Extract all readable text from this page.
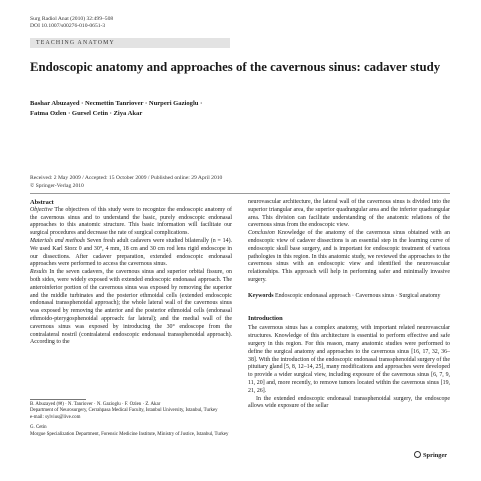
Surg Radiol Anat (2010) 32:499–508
DOI 10.1007/s00276-010-0651-3
TEACHING ANATOMY
Endoscopic anatomy and approaches of the cavernous sinus: cadaver study
Bashar Abuzayed · Necmettin Tanriover · Nurperi Gazioglu ·
Fatma Ozlen · Gursel Cetin · Ziya Akar
Received: 2 May 2009 / Accepted: 15 October 2009 / Published online: 29 April 2010
© Springer-Verlag 2010

Abstract

Objective The objectives of this study were to recognize the endoscopic anatomy of the cavernous sinus and to understand the basic, purely endoscopic endonasal approaches to this anatomic structure. This basic information will facilitate our surgical procedures and decrease the rate of surgical complications.

Materials and methods Seven fresh adult cadavers were studied bilaterally (n = 14). We used Karl Storz 0 and 30°, 4 mm, 18 cm and 30 cm rod lens rigid endoscope in our dissections. After cadaver preparation, extended endoscopic endonasal approaches were performed to access the cavernous sinus.

Results In the seven cadavers, the cavernous sinus and superior orbital fissure, on both sides, were widely exposed with extended endoscopic endonasal approach. The anteroinferior portion of the cavernous sinus was exposed by removing the superior and the middle turbinates and the posterior ethmoidal cells (extended endoscopic endonasal transsphenoidal approach); the whole lateral wall of the cavernous sinus was exposed by removing the anterior and the posterior ethmoidal cells (endonasal ethmoido-pterygosphenoidal approach: far lateral); and the medial wall of the cavernous sinus was exposed by introducing the 30° endoscope from the contralateral nostril (contralateral endoscopic endonasal transsphenoidal approach). According to the

B. Abuzayed (✉) · N. Tanriover · N. Gazioglu · F. Ozlen · Z. Akar
Department of Neurosurgery, Cerrahpasa Medical Faculty, Istanbul University, Istanbul, Turkey
e-mail: sylvius@live.com

G. Cetin
Morgue Specialization Department, Forensic Medicine Institute, Ministry of Justice, Istanbul, Turkey

neurovascular architecture, the lateral wall of the cavernous sinus is divided into the superior triangular area, the superior quadrangular area and the inferior quadrangular area. This division can facilitate understanding of the anatomic relations of the cavernous sinus from the endoscopic view.

Conclusion Knowledge of the anatomy of the cavernous sinus obtained with an endoscopic view of cadaver dissections is an essential step in the learning curve of endoscopic skull base surgery, and is important for endoscopic treatment of various pathologies in this region. In this anatomic study, we reviewed the approaches to the cavernous sinus with an endoscopic view and identified the neurovascular relationships. This approach will help in performing safer and minimally invasive surgery.

Keywords Endoscopic endonasal approach · Cavernous sinus · Surgical anatomy

Introduction

The cavernous sinus has a complex anatomy, with important related neurovascular structures. Knowledge of this architecture is essential to perform effective and safe surgery in this region. For this reason, many anatomic studies were performed to define the surgical anatomy and approaches to the cavernous sinus [16, 17, 32, 36–38]. With the introduction of the endoscopic endonasal transsphenoidal surgery of the pituitary gland [5, 8, 12–14, 25], many modifications and approaches were developed to provide a wider surgical view, including exposure of the cavernous sinus [6, 7, 9, 11, 20] and, more recently, to remove tumors located within the cavernous sinus [19, 21, 26].

In the extended endoscopic endonasal transsphenoidal surgery, the endoscope allows wide exposure of the sellar

Springer
